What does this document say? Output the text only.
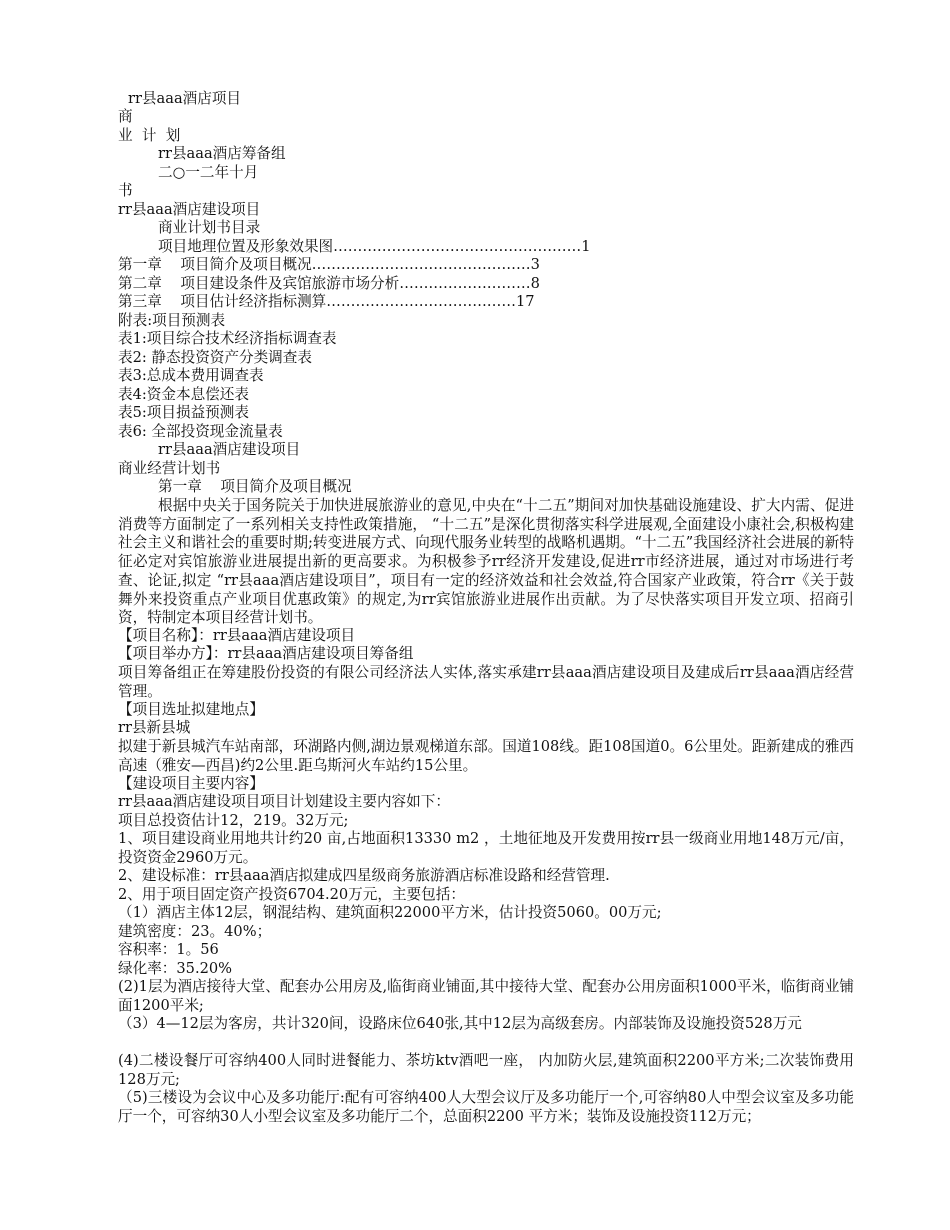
rr县aaa酒店项目
商
业  计  划
rr县aaa酒店筹备组
二○一二年十月
书
rr县aaa酒店建设项目
商业计划书目录
项目地理位置及形象效果图……………………………………………1
第一章    项目简介及项目概况………………………………………3
第二章    项目建设条件及宾馆旅游市场分析………………………8
第三章    项目估计经济指标测算…………………………………17
附表:项目预测表
表1:项目综合技术经济指标调查表
表2: 静态投资资产分类调查表
表3:总成本费用调查表
表4:资金本息偿还表
表5:项目损益预测表
表6: 全部投资现金流量表
rr县aaa酒店建设项目
商业经营计划书
第一章    项目简介及项目概况
根据中央关于国务院关于加快进展旅游业的意见,中央在“十二五”期间对加快基础设施建设、扩大内需、促进消费等方面制定了一系列相关支持性政策措施， “十二五”是深化贯彻落实科学进展观,全面建设小康社会,积极构建社会主义和谐社会的重要时期;转变进展方式、向现代服务业转型的战略机遇期。“十二五”我国经济社会进展的新特征必定对宾馆旅游业进展提出新的更高要求。为积极参予rr经济开发建设,促进rr市经济进展，通过对市场进行考查、论证,拟定 “rr县aaa酒店建设项目”，项目有一定的经济效益和社会效益,符合国家产业政策，符合rr《关于鼓舞外来投资重点产业项目优惠政策》的规定,为rr宾馆旅游业进展作出贡献。为了尽快落实项目开发立项、招商引资，特制定本项目经营计划书。
【项目名称】：rr县aaa酒店建设项目
【项目举办方】：rr县aaa酒店建设项目筹备组
项目筹备组正在筹建股份投资的有限公司经济法人实体,落实承建rr县aaa酒店建设项目及建成后rr县aaa酒店经营管理。
【项目选址拟建地点】
rr县新县城
拟建于新县城汽车站南部，环湖路内侧,湖边景观梯道东部。国道108线。距108国道0。6公里处。距新建成的雅西高速（雅安—西昌)约2公里.距乌斯河火车站约15公里。
【建设项目主要内容】
rr县aaa酒店建设项目项目计划建设主要内容如下：
项目总投资估计12，219。32万元;
1、项目建设商业用地共计约20 亩,占地面积13330 m2 ，土地征地及开发费用按rr县一级商业用地148万元/亩，投资资金2960万元。
2、建设标准：rr县aaa酒店拟建成四星级商务旅游酒店标准设路和经营管理.
2、用于项目固定资产投资6704.20万元，主要包括：
（1）酒店主体12层，钢混结构、建筑面积22000平方米，估计投资5060。00万元;
建筑密度：23。40%；
容积率：1。56
绿化率：35.20%
(2)1层为酒店接待大堂、配套办公用房及,临街商业铺面,其中接待大堂、配套办公用房面积1000平米，临街商业铺面1200平米;
（3）4—12层为客房，共计320间，设路床位640张,其中12层为高级套房。内部装饰及设施投资528万元
(4)二楼设餐厅可容纳400人同时进餐能力、茶坊ktv酒吧一座， 内加防火层,建筑面积2200平方米;二次装饰费用128万元;
（5)三楼设为会议中心及多功能厅:配有可容纳400人大型会议厅及多功能厅一个,可容纳80人中型会议室及多功能厅一个，可容纳30人小型会议室及多功能厅二个，总面积2200 平方米；装饰及设施投资112万元；
